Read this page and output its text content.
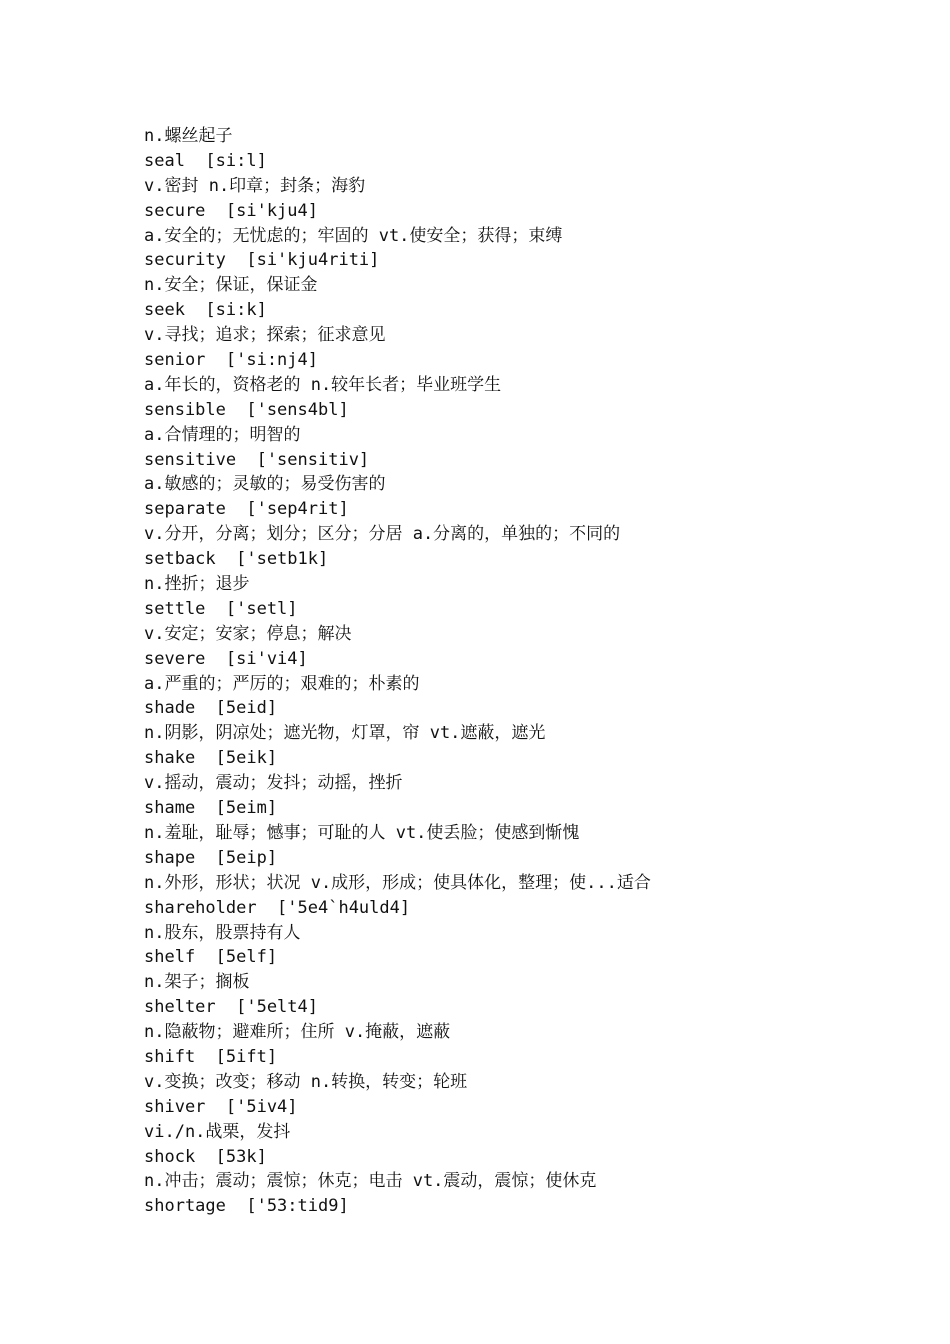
n.螺丝起子
seal  [si:l]
v.密封 n.印章；封条；海豹
secure  [si'kju4]
a.安全的；无忧虑的；牢固的 vt.使安全；获得；束缚
security  [si'kju4riti]
n.安全；保证，保证金
seek  [si:k]
v.寻找；追求；探索；征求意见
senior  ['si:nj4]
a.年长的，资格老的 n.较年长者；毕业班学生
sensible  ['sens4bl]
a.合情理的；明智的
sensitive  ['sensitiv]
a.敏感的；灵敏的；易受伤害的
separate  ['sep4rit]
v.分开，分离；划分；区分；分居 a.分离的，单独的；不同的
setback  ['setb1k]
n.挫折；退步
settle  ['setl]
v.安定；安家；停息；解决
severe  [si'vi4]
a.严重的；严厉的；艰难的；朴素的
shade  [5eid]
n.阴影，阴凉处；遮光物，灯罩，帘 vt.遮蔽，遮光
shake  [5eik]
v.摇动，震动；发抖；动摇，挫折
shame  [5eim]
n.羞耻，耻辱；憾事；可耻的人 vt.使丢脸；使感到惭愧
shape  [5eip]
n.外形，形状；状况 v.成形，形成；使具体化，整理；使...适合
shareholder  ['5e4`h4uld4]
n.股东，股票持有人
shelf  [5elf]
n.架子；搁板
shelter  ['5elt4]
n.隐蔽物；避难所；住所 v.掩蔽，遮蔽
shift  [5ift]
v.变换；改变；移动 n.转换，转变；轮班
shiver  ['5iv4]
vi./n.战栗，发抖
shock  [53k]
n.冲击；震动；震惊；休克；电击 vt.震动，震惊；使休克
shortage  ['53:tid9]
